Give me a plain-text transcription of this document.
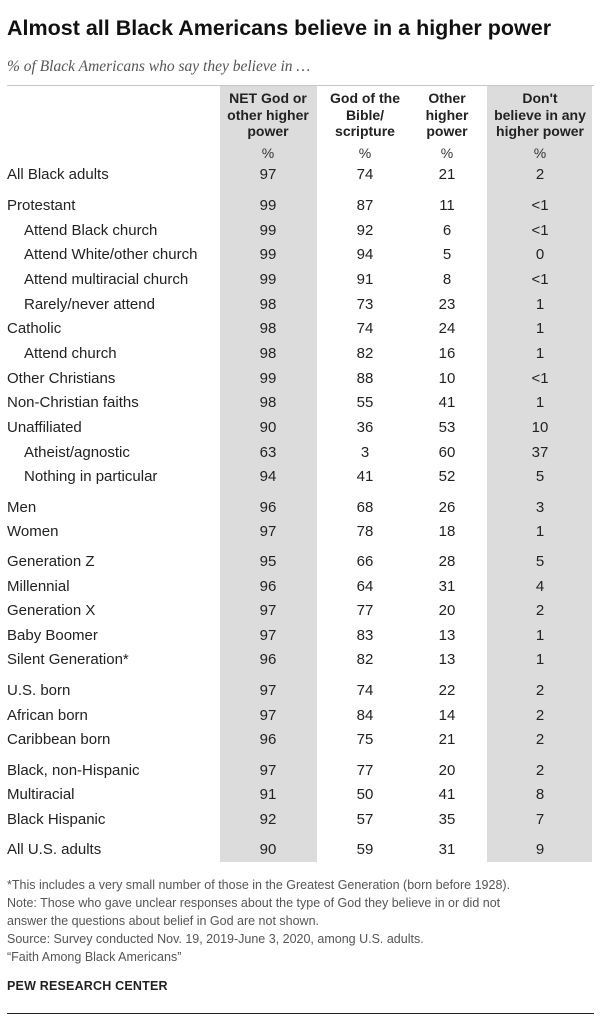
Almost all Black Americans believe in a higher power
% of Black Americans who say they believe in …
NET God or
other higher
power
%
God of the
Bible/
scripture
%
Other
higher
power
%
Don't
believe in any
higher power
%
All Black adults	97	74	21	2
Protestant	99	87	11	<1
Attend Black church	99	92	6	<1
Attend White/other church	99	94	5	0
Attend multiracial church	99	91	8	<1
Rarely/never attend	98	73	23	1
Catholic	98	74	24	1
Attend church	98	82	16	1
Other Christians	99	88	10	<1
Non-Christian faiths	98	55	41	1
Unaffiliated	90	36	53	10
Atheist/agnostic	63	3	60	37
Nothing in particular	94	41	52	5
Men	96	68	26	3
Women	97	78	18	1
Generation Z	95	66	28	5
Millennial	96	64	31	4
Generation X	97	77	20	2
Baby Boomer	97	83	13	1
Silent Generation*	96	82	13	1
U.S. born	97	74	22	2
African born	97	84	14	2
Caribbean born	96	75	21	2
Black, non-Hispanic	97	77	20	2
Multiracial	91	50	41	8
Black Hispanic	92	57	35	7
All U.S. adults	90	59	31	9
*This includes a very small number of those in the Greatest Generation (born before 1928).
Note: Those who gave unclear responses about the type of God they believe in or did not
answer the questions about belief in God are not shown.
Source: Survey conducted Nov. 19, 2019-June 3, 2020, among U.S. adults.
“Faith Among Black Americans”
PEW RESEARCH CENTER
